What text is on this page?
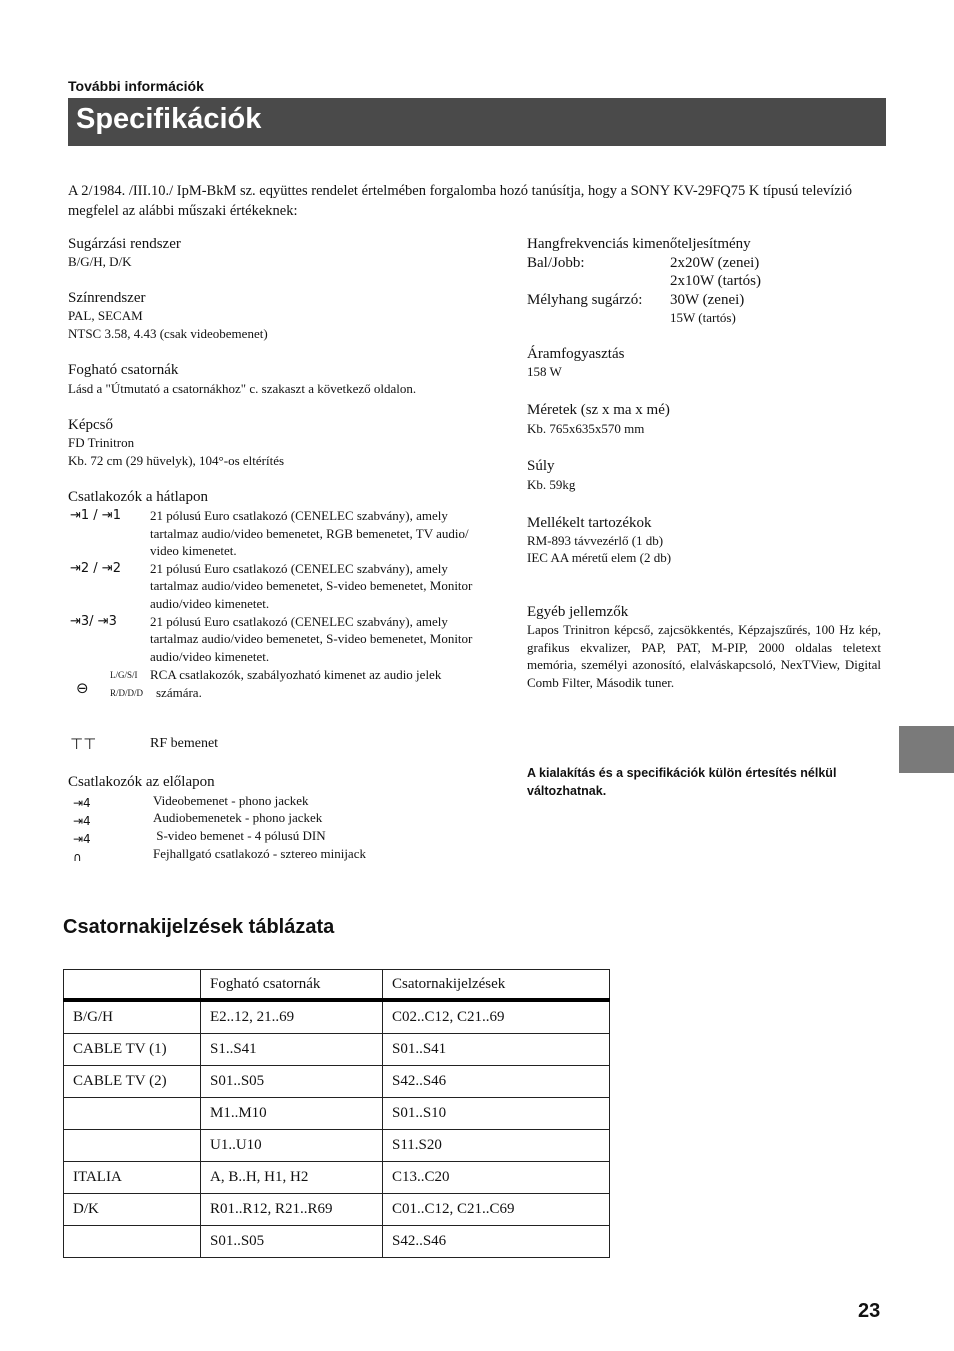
További információk
Specifikációk
A 2/1984. /III.10./ IpM-BkM sz. eqyüttes rendelet értelmében forgalomba hozó tanúsítja, hogy a SONY KV-29FQ75 K típusú televízió megfelel az alábbi műszaki értékeknek:
Sugárzási rendszer
B/G/H, D/K
Színrendszer
PAL, SECAM
NTSC 3.58, 4.43 (csak videobemenet)
Fogható csatornák
Lásd a "Útmutató a csatornákhoz" c. szakaszt a következő oldalon.
Képcső
FD Trinitron
Kb. 72 cm (29 hüvelyk), 104°-os eltérítés
Csatlakozók a hátlapon
⇥1 / ⇥1 21 pólusú Euro csatlakozó (CENELEC szabvány), amely
tartalmaz audio/video bemenetet, RGB bemenetet, TV audio/
video kimenetet.
⇥2 / ⇥2 21 pólusú Euro csatlakozó (CENELEC szabvány), amely
tartalmaz audio/video bemenetet, S-video bemenetet, Monitor
audio/video kimenetet.
⇥3/ ⇥3	21 pólusú Euro csatlakozó (CENELEC szabvány), amely
tartalmaz audio/video bemenetet, S-video bemenetet, Monitor
audio/video kimenetet.
⊖
L/G/S/I
R/D/D/D
RCA csatlakozók, szabályozható kimenet az audio jelek
számára.
⊤⊤	RF bemenet
Csatlakozók az előlapon
⇥4	Videobemenet - phono jackek
⇥4	Audiobemenetek - phono jackek
⇥4	S-video bemenet - 4 pólusú DIN
∩	Fejhallgató csatlakozó - sztereo minijack
Hangfrekvenciás kimenőteljesítmény
Bal/Jobb:	2x20W (zenei)
2x10W (tartós)
Mélyhang sugárzó: 30W (zenei)
15W (tartós)
Áramfogyasztás
158 W
Méretek (sz x ma x mé)
Kb. 765x635x570 mm
Súly
Kb. 59kg
Mellékelt tartozékok
RM-893 távvezérlő (1 db)
IEC AA méretű elem (2 db)
Egyéb jellemzők
Lapos Trinitron képcső, zajcsökkentés, Képzajszűrés, 100 Hz kép, grafikus ekvalizer, PAP, PAT, M-PIP, 2000 oldalas teletext memória, személyi azonosító, elalváskapcsoló, NexTView, Digital Comb Filter, Második tuner.
A kialakítás és a specifikációk külön értesítés nélkül változhatnak.
Csatornakijelzések táblázata
	Fogható csatornák	Csatornakijelzések
B/G/H	E2..12, 21..69	C02..C12, C21..69
CABLE TV (1)	S1..S41	S01..S41
CABLE TV (2)	S01..S05	S42..S46
	M1..M10	S01..S10
	U1..U10	S11.S20
ITALIA	A, B..H, H1, H2	C13..C20
D/K	R01..R12, R21..R69	C01..C12, C21..C69
	S01..S05	S42..S46
23
